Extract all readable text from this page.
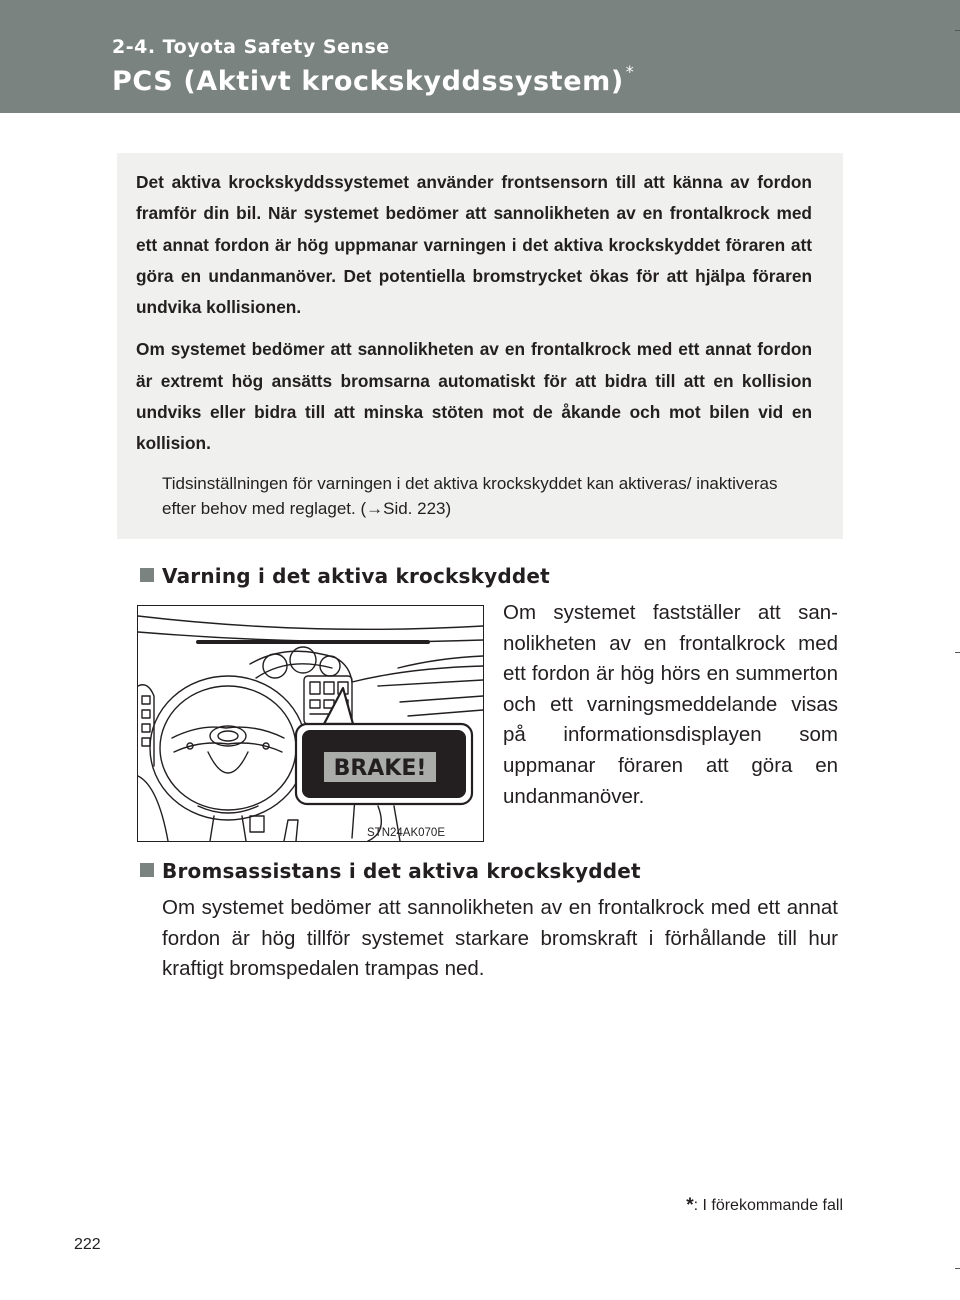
2-4. Toyota Safety Sense
PCS (Aktivt krockskyddssystem) *

Det aktiva krockskyddssystemet använder frontsensorn till att känna av fordon framför din bil. När systemet bedömer att sannolikheten av en frontalkrock med ett annat fordon är hög uppmanar varningen i det aktiva krockskyddet föraren att göra en undanmanöver. Det potentiella bromstrycket ökas för att hjälpa föraren undvika kollisionen.

Om systemet bedömer att sannolikheten av en frontalkrock med ett annat fordon är extremt hög ansätts bromsarna automatiskt för att bidra till att en kollision undviks eller bidra till att minska stöten mot de åkande och mot bilen vid en kollision.

Tidsinställningen för varningen i det aktiva krockskyddet kan aktiveras/ inaktiveras efter behov med reglaget. (→Sid. 223)

Varning i det aktiva krockskyddet
BRAKE!
STN24AK070E

Om systemet fastställer att sannolikheten av en frontalkrock med ett fordon är hög hörs en summerton och ett varningsmeddelande visas på informationsdisplayen som uppmanar föraren att göra en undanmanöver.

Bromsassistans i det aktiva krockskyddet

Om systemet bedömer att sannolikheten av en frontalkrock med ett annat fordon är hög tillför systemet starkare bromskraft i förhållande till hur kraftigt bromspedalen trampas ned.

*: I förekommande fall
222
